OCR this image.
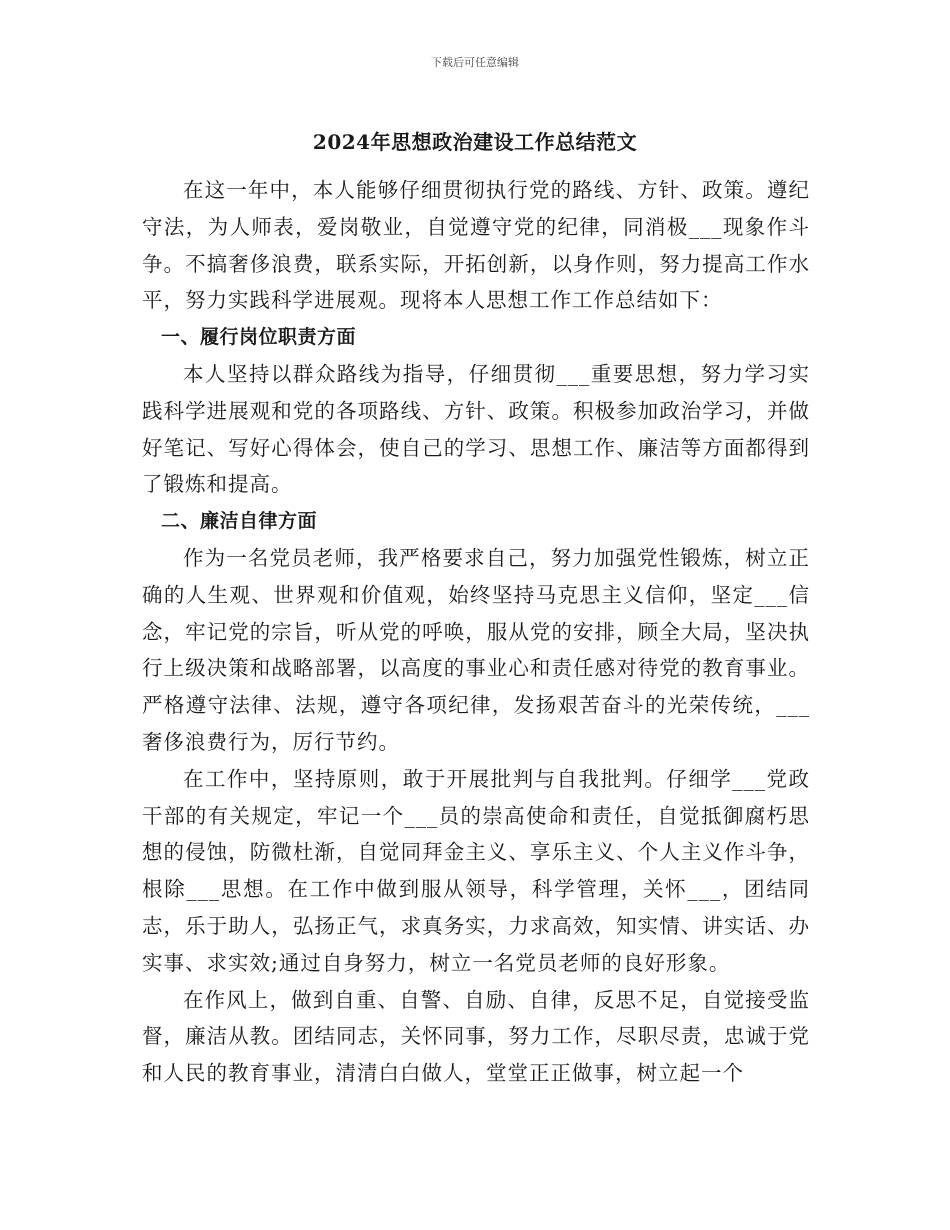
下载后可任意编辑
2024年思想政治建设工作总结范文

在这一年中，本人能够仔细贯彻执行党的路线、方针、政策。遵纪守法，为人师表，爱岗敬业，自觉遵守党的纪律，同消极___现象作斗争。不搞奢侈浪费，联系实际，开拓创新，以身作则，努力提高工作水平，努力实践科学进展观。现将本人思想工作工作总结如下：

一、履行岗位职责方面

本人坚持以群众路线为指导，仔细贯彻___重要思想，努力学习实践科学进展观和党的各项路线、方针、政策。积极参加政治学习，并做好笔记、写好心得体会，使自己的学习、思想工作、廉洁等方面都得到了锻炼和提高。

二、廉洁自律方面

作为一名党员老师，我严格要求自己，努力加强党性锻炼，树立正确的人生观、世界观和价值观，始终坚持马克思主义信仰，坚定___信念，牢记党的宗旨，听从党的呼唤，服从党的安排，顾全大局，坚决执行上级决策和战略部署，以高度的事业心和责任感对待党的教育事业。严格遵守法律、法规，遵守各项纪律，发扬艰苦奋斗的光荣传统，___奢侈浪费行为，厉行节约。

在工作中，坚持原则，敢于开展批判与自我批判。仔细学___党政干部的有关规定，牢记一个___员的崇高使命和责任，自觉抵御腐朽思想的侵蚀，防微杜渐，自觉同拜金主义、享乐主义、个人主义作斗争，根除___思想。在工作中做到服从领导，科学管理，关怀___，团结同志，乐于助人，弘扬正气，求真务实，力求高效，知实情、讲实话、办实事、求实效;通过自身努力，树立一名党员老师的良好形象。

在作风上，做到自重、自警、自励、自律，反思不足，自觉接受监督，廉洁从教。团结同志，关怀同事，努力工作，尽职尽责，忠诚于党和人民的教育事业，清清白白做人，堂堂正正做事，树立起一个
